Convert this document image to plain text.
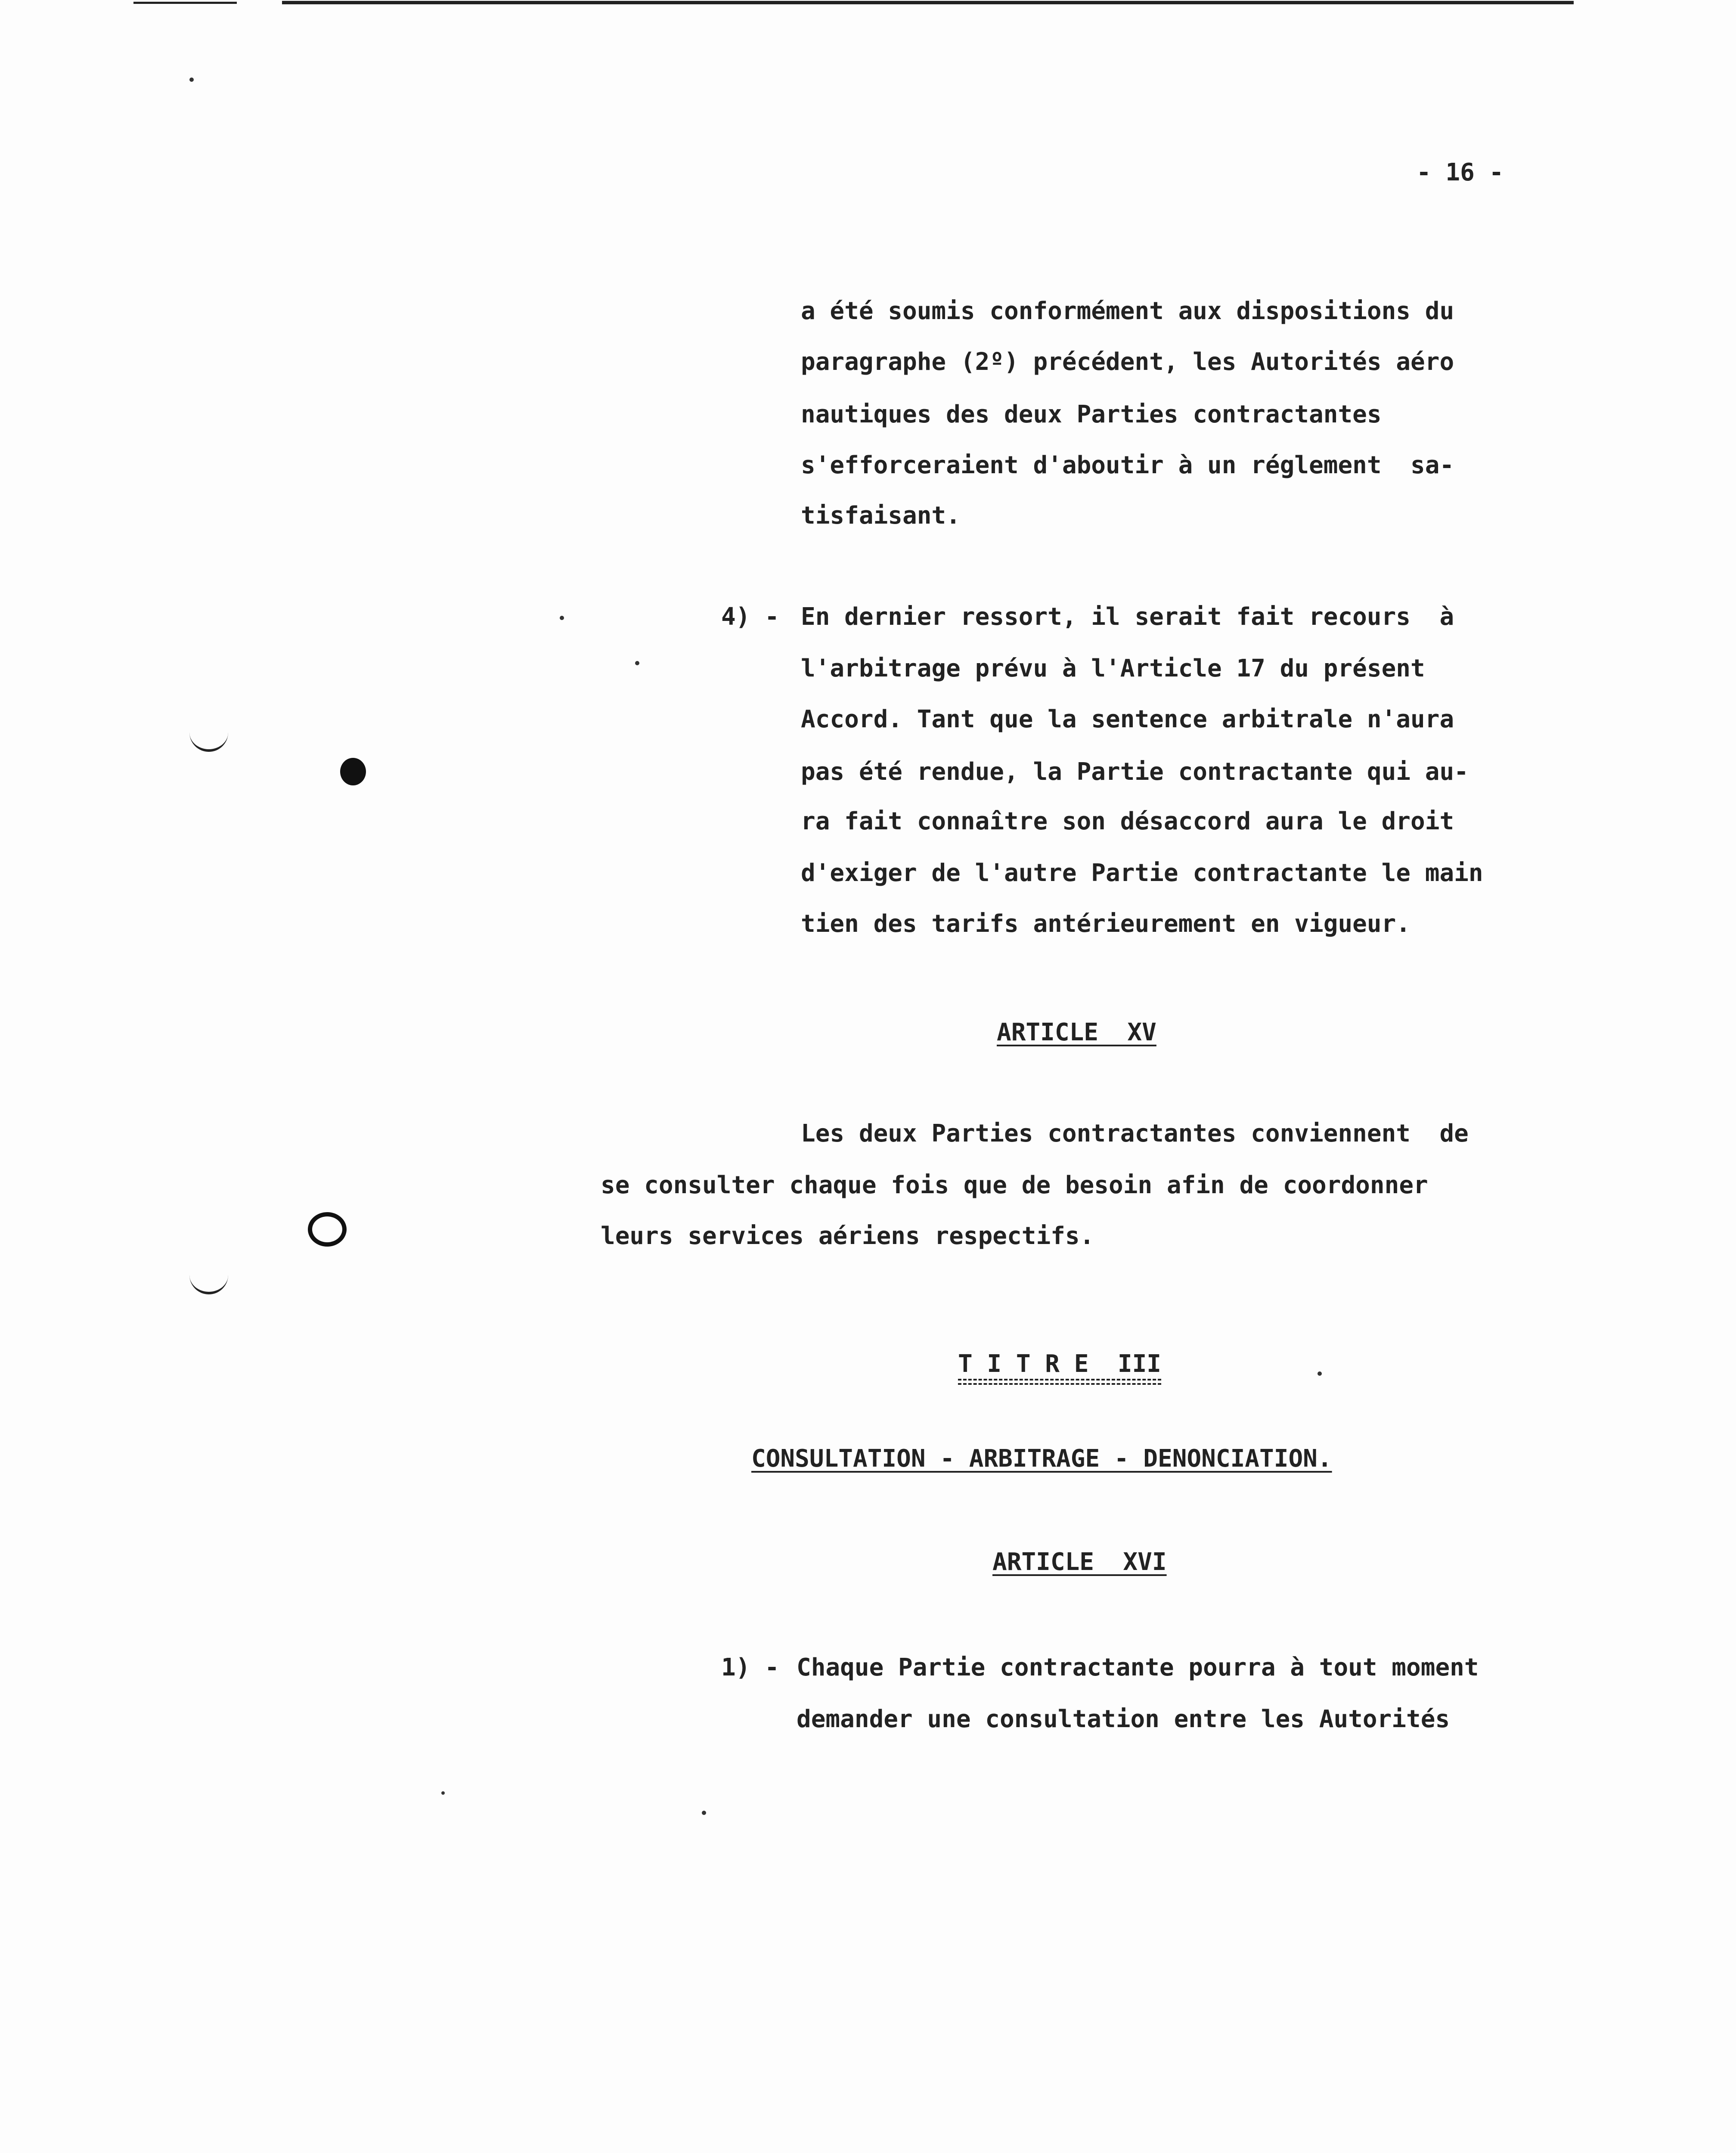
- 16 -
a été soumis conformément aux dispositions du
paragraphe (2º) précédent, les Autorités aéro
nautiques des deux Parties contractantes
s'efforceraient d'aboutir à un réglement  sa-
tisfaisant.
4) - En dernier ressort, il serait fait recours  à
l'arbitrage prévu à l'Article 17 du présent
Accord. Tant que la sentence arbitrale n'aura
pas été rendue, la Partie contractante qui au-
ra fait connaître son désaccord aura le droit
d'exiger de l'autre Partie contractante le main
tien des tarifs antérieurement en vigueur.
ARTICLE  XV
Les deux Parties contractantes conviennent  de
se consulter chaque fois que de besoin afin de coordonner
leurs services aériens respectifs.
T I T R E  III
CONSULTATION - ARBITRAGE - DENONCIATION.
ARTICLE  XVI
1) - Chaque Partie contractante pourra à tout moment
demander une consultation entre les Autorités
